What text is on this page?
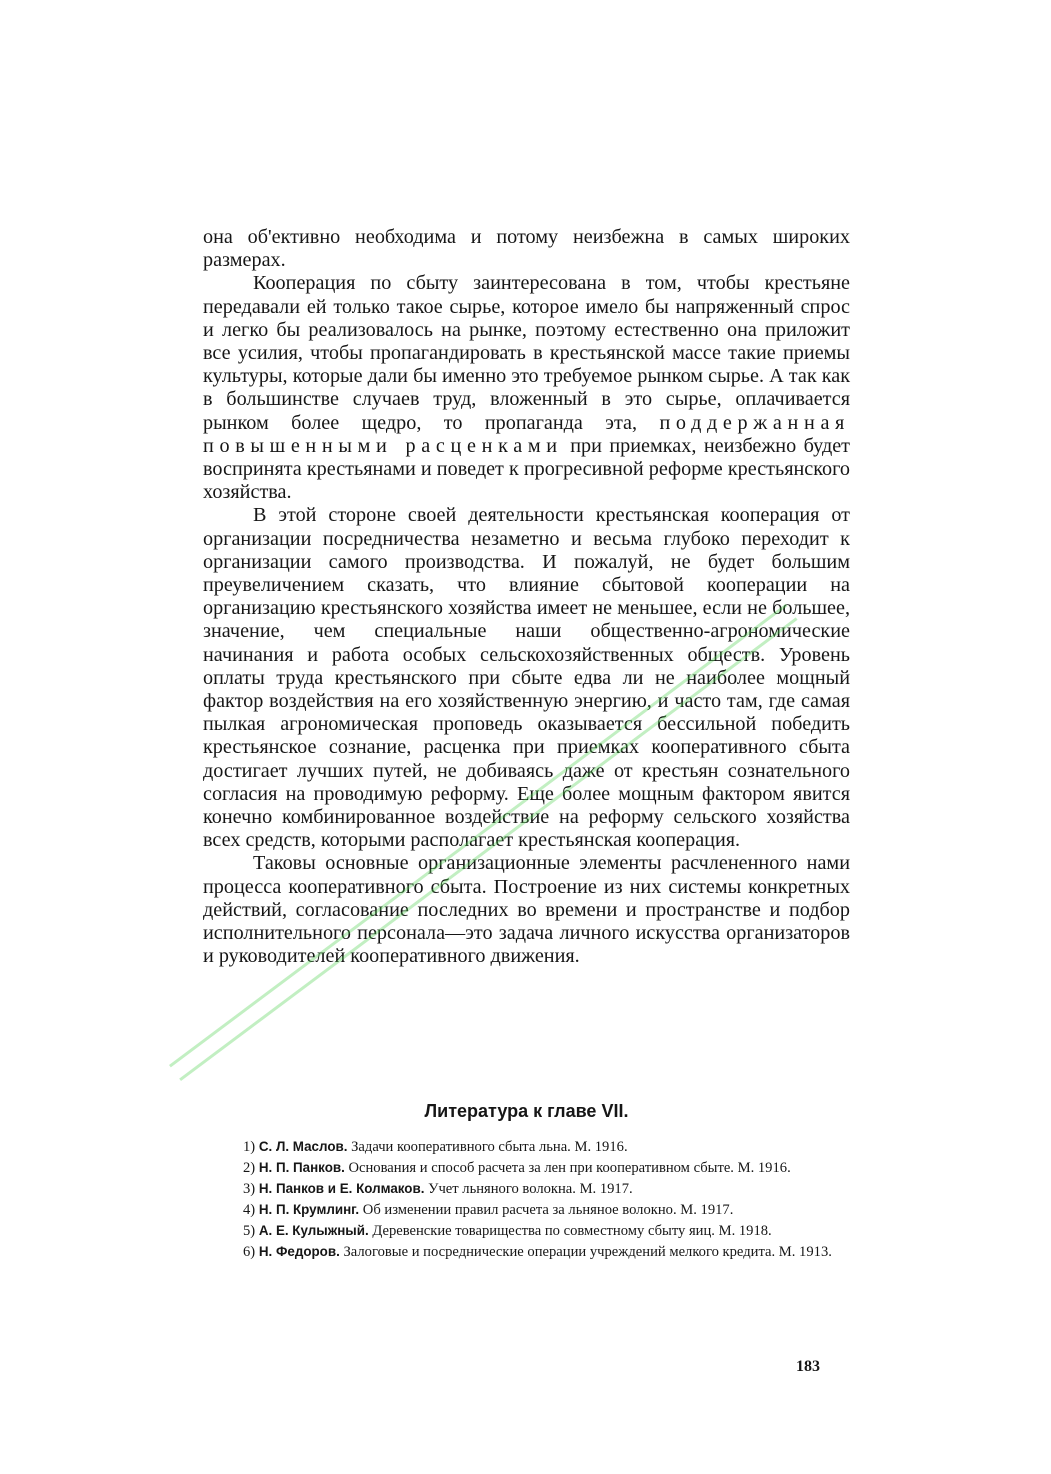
она об'ективно необходима и потому неизбежна в самых широких размерах.

Кооперация по сбыту заинтересована в том, чтобы крестьяне передавали ей только такое сырье, которое имело бы напряженный спрос и легко бы реализовалось на рынке, поэтому естественно она приложит все усилия, чтобы пропагандировать в крестьянской массе такие приемы культуры, которые дали бы именно это требуемое рынком сырье. А так как в большинстве случаев труд, вложенный в это сырье, оплачивается рынком более щедро, то пропаганда эта, поддержанная повышенными расценками при приемках, неизбежно будет воспринята крестьянами и поведет к прогресивной реформе крестьянского хозяйства.

В этой стороне своей деятельности крестьянская кооперация от организации посредничества незаметно и весьма глубоко переходит к организации самого производства. И пожалуй, не будет большим преувеличением сказать, что влияние сбытовой кооперации на организацию крестьянского хозяйства имеет не меньшее, если не большее, значение, чем специальные наши общественно-агрономические начинания и работа особых сельскохозяйственных обществ. Уровень оплаты труда крестьянского при сбыте едва ли не наиболее мощный фактор воздействия на его хозяйственную энергию, и часто там, где самая пылкая агрономическая проповедь оказывается бессильной победить крестьянское сознание, расценка при приемках кооперативного сбыта достигает лучших путей, не добиваясь даже от крестьян сознательного согласия на проводимую реформу. Еще более мощным фактором явится конечно комбинированное воздействие на реформу сельского хозяйства всех средств, которыми располагает крестьянская кооперация.

Таковы основные организационные элементы расчлененного нами процесса кооперативного сбыта. Построение из них системы конкретных действий, согласование последних во времени и пространстве и подбор исполнительного персонала—это задача личного искусства организаторов и руководителей кооперативного движения.

Литература к главе VII.
1) С. Л. Маслов. Задачи кооперативного сбыта льна. М. 1916.
2) Н. П. Панков. Основания и способ расчета за лен при кооперативном сбыте. М. 1916.
3) Н. Панков и Е. Колмаков. Учет льняного волокна. М. 1917.
4) Н. П. Крумлинг. Об изменении правил расчета за льняное волокно. М. 1917.
5) А. Е. Кулыжный. Деревенские товарищества по совместному сбыту яиц. М. 1918.
6) Н. Федоров. Залоговые и посреднические операции учреждений мелкого кредита. М. 1913.
183
